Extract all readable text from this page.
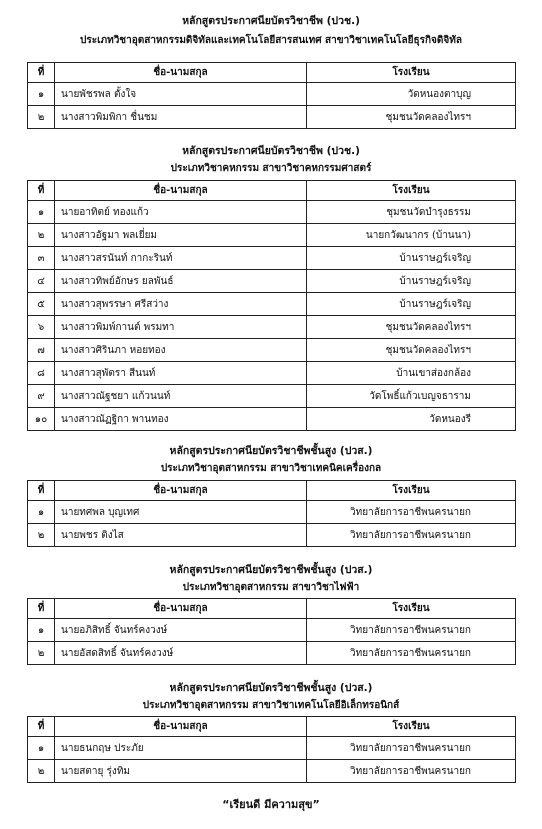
หลักสูตรประกาศนียบัตรวิชาชีพ (ปวช.)
ประเภทวิชาอุตสาหกรรมดิจิทัลและเทคโนโลยีสารสนเทศ สาขาวิชาเทคโนโลยีธุรกิจดิจิทัล
ที่	ชื่อ-นามสกุล	โรงเรียน
๑	นายพัชรพล ตั้งใจ	วัดหนองตาบุญ
๒	นางสาวพิมพิกา ชื่นชม	ชุมชนวัดคลองไทรฯ
หลักสูตรประกาศนียบัตรวิชาชีพ (ปวช.)
ประเภทวิชาคหกรรม สาขาวิชาคหกรรมศาสตร์
ที่	ชื่อ-นามสกุล	โรงเรียน
๑	นายอาทิตย์ ทองแก้ว	ชุมชนวัดบำรุงธรรม
๒	นางสาวอัฐมา พลเยี่ยม	นายกวัฒนากร (บ้านนา)
๓	นางสาวสรนันท์ กากะรินท์	บ้านราษฎร์เจริญ
๔	นางสาวทิพย์อักษร ยลพันธ์	บ้านราษฎร์เจริญ
๕	นางสาวสุพรรษา ศรีสว่าง	บ้านราษฎร์เจริญ
๖	นางสาวพิมพ์กานต์ พรมทา	ชุมชนวัดคลองไทรฯ
๗	นางสาวศิรินภา หอยทอง	ชุมชนวัดคลองไทรฯ
๘	นางสาวสุพัตรา สีนนท์	บ้านเขาส่องกล้อง
๙	นางสาวณัฐชยา แก้วนนท์	วัดโพธิ์แก้วเบญจธาราม
๑๐	นางสาวณัฏฐิกา พานทอง	วัดหนองรี
หลักสูตรประกาศนียบัตรวิชาชีพชั้นสูง (ปวส.)
ประเภทวิชาอุตสาหกรรม สาขาวิชาเทคนิคเครื่องกล
ที่	ชื่อ-นามสกุล	โรงเรียน
๑	นายทศพล บุญเทศ	วิทยาลัยการอาชีพนครนายก
๒	นายพชร ติงไส	วิทยาลัยการอาชีพนครนายก
หลักสูตรประกาศนียบัตรวิชาชีพชั้นสูง (ปวส.)
ประเภทวิชาอุตสาหกรรม สาขาวิชาไฟฟ้า
ที่	ชื่อ-นามสกุล	โรงเรียน
๑	นายอภิสิทธิ์ จันทร์คงวงษ์	วิทยาลัยการอาชีพนครนายก
๒	นายอัสดสิทธิ์ จันทร์คงวงษ์	วิทยาลัยการอาชีพนครนายก
หลักสูตรประกาศนียบัตรวิชาชีพชั้นสูง (ปวส.)
ประเภทวิชาอุตสาหกรรม สาขาวิชาเทคโนโลยีอิเล็กทรอนิกส์
ที่	ชื่อ-นามสกุล	โรงเรียน
๑	นายธนกฤษ ประภัย	วิทยาลัยการอาชีพนครนายก
๒	นายสตายุ รุ่งทิม	วิทยาลัยการอาชีพนครนายก
“เรียนดี มีความสุข”
